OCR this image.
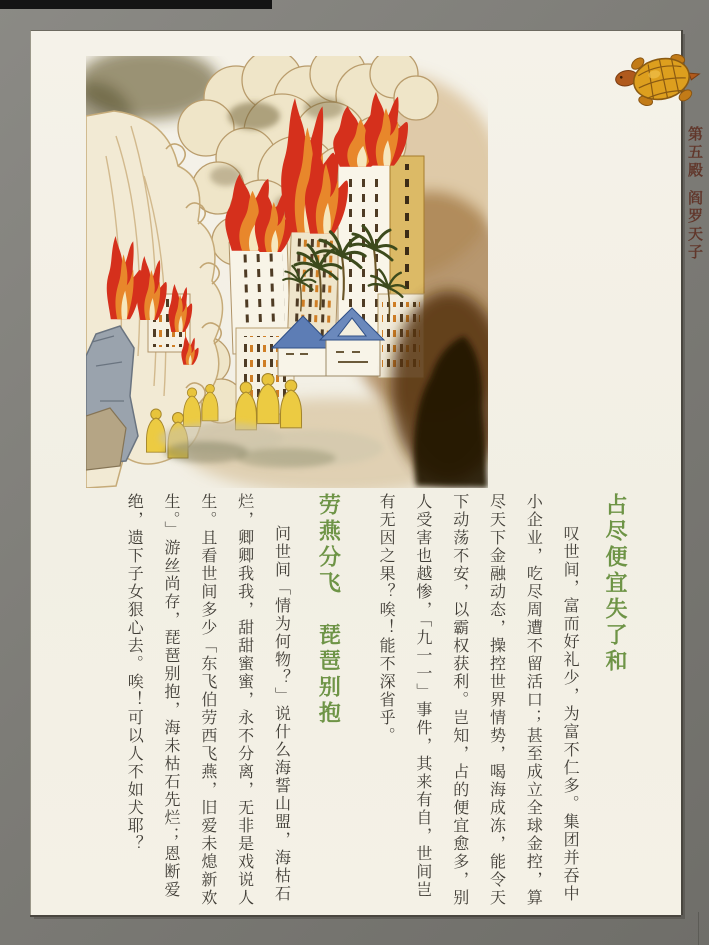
占尽便宜失了和

叹世间，富而好礼少，为富不仁多。集团并吞中小企业，吃尽周遭不留活口；甚至成立全球金控，算尽天下金融动态，操控世界情势，喝海成冻，能令天下动荡不安，以霸权获利。岂知，占的便宜愈多，别人受害也越惨，「九一一」事件，其来有自，世间岂有无因之果？唉！能不深省乎。

劳燕分飞　琵琶别抱

问世间「情为何物？」说什么海誓山盟，海枯石烂，卿卿我我，甜甜蜜蜜，永不分离，无非是戏说人生。且看世间多少「东飞伯劳西飞燕，旧爱未熄新欢生。」游丝尚存，琵琶别抱，海未枯石先烂；恩断爱绝，遗下子女狠心去。唉！可以人不如犬耶？

第五殿
阎罗天子
